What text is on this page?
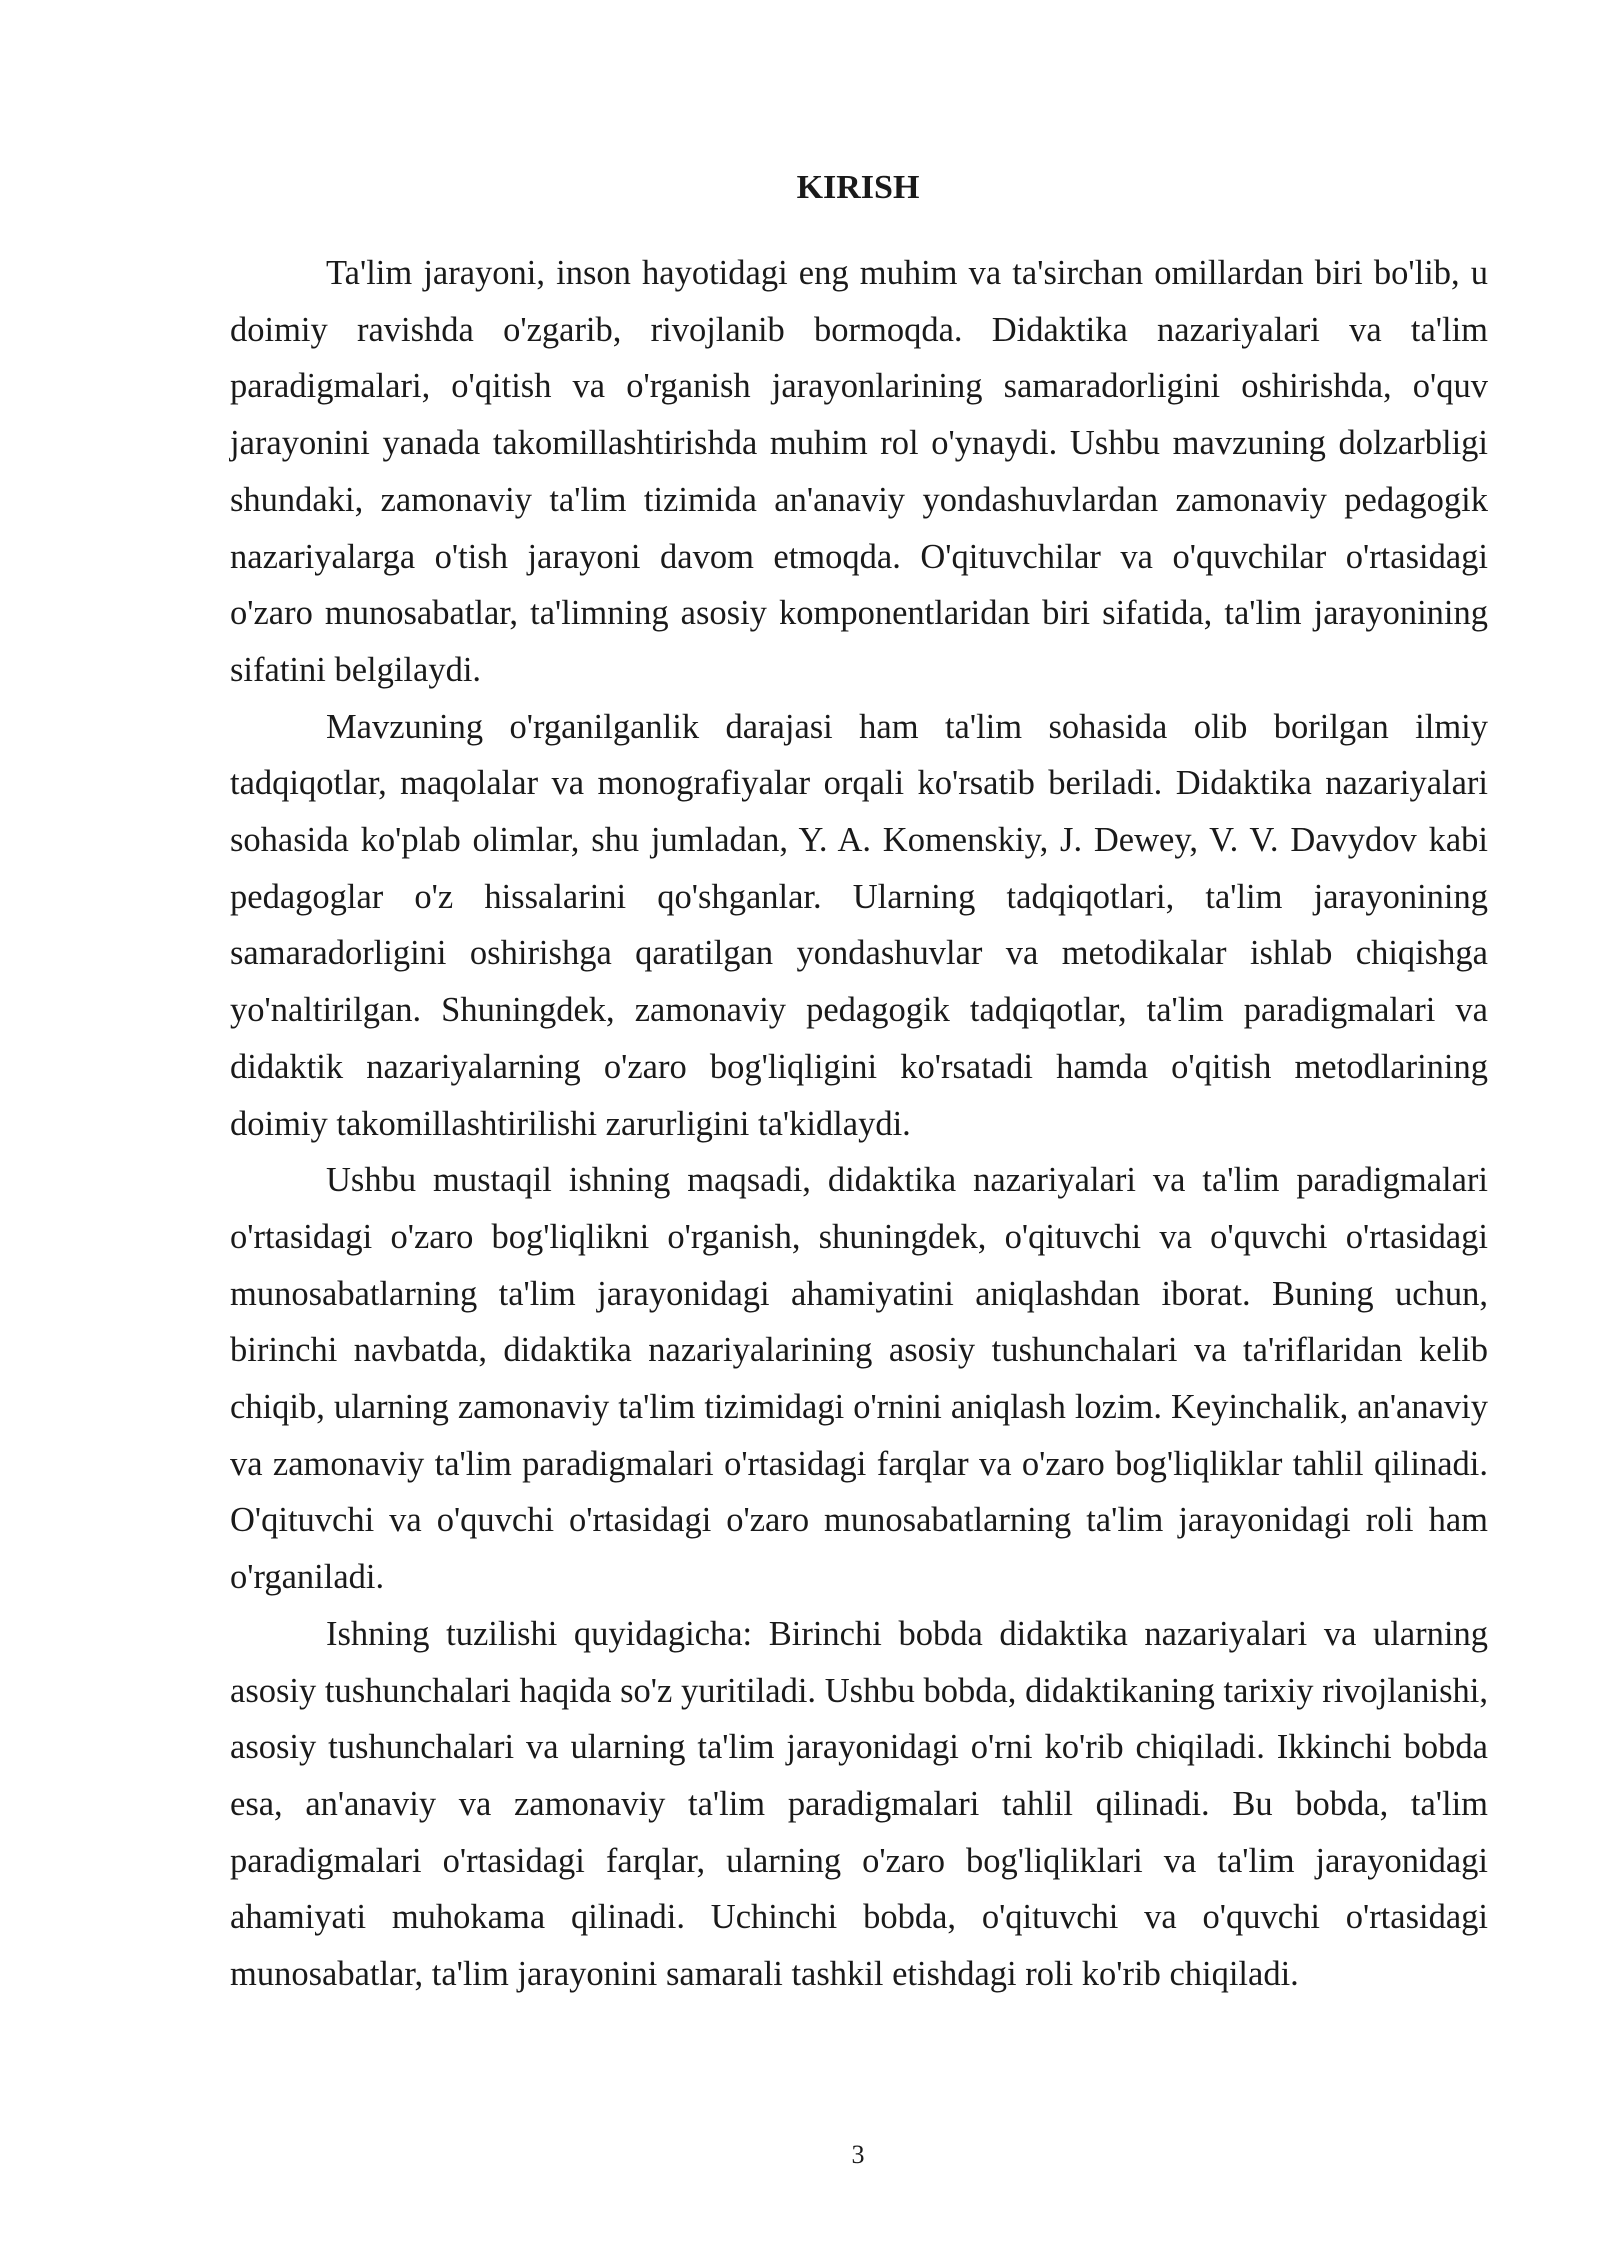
KIRISH

Ta'lim jarayoni, inson hayotidagi eng muhim va ta'sirchan omillardan biri bo'lib, u doimiy ravishda o'zgarib, rivojlanib bormoqda. Didaktika nazariyalari va ta'lim paradigmalari, o'qitish va o'rganish jarayonlarining samaradorligini oshirishda, o'quv jarayonini yanada takomillashtirishda muhim rol o'ynaydi. Ushbu mavzuning dolzarbligi shundaki, zamonaviy ta'lim tizimida an'anaviy yondashuvlardan zamonaviy pedagogik nazariyalarga o'tish jarayoni davom etmoqda. O'qituvchilar va o'quvchilar o'rtasidagi o'zaro munosabatlar, ta'limning asosiy komponentlaridan biri sifatida, ta'lim jarayonining sifatini belgilaydi.

Mavzuning o'rganilganlik darajasi ham ta'lim sohasida olib borilgan ilmiy tadqiqotlar, maqolalar va monografiyalar orqali ko'rsatib beriladi. Didaktika nazariyalari sohasida ko'plab olimlar, shu jumladan, Y. A. Komenskiy, J. Dewey, V. V. Davydov kabi pedagoglar o'z hissalarini qo'shganlar. Ularning tadqiqotlari, ta'lim jarayonining samaradorligini oshirishga qaratilgan yondashuvlar va metodikalar ishlab chiqishga yo'naltirilgan. Shuningdek, zamonaviy pedagogik tadqiqotlar, ta'lim paradigmalari va didaktik nazariyalarning o'zaro bog'liqligini ko'rsatadi hamda o'qitish metodlarining doimiy takomillashtirilishi zarurligini ta'kidlaydi.

Ushbu mustaqil ishning maqsadi, didaktika nazariyalari va ta'lim paradigmalari o'rtasidagi o'zaro bog'liqlikni o'rganish, shuningdek, o'qituvchi va o'quvchi o'rtasidagi munosabatlarning ta'lim jarayonidagi ahamiyatini aniqlashdan iborat. Buning uchun, birinchi navbatda, didaktika nazariyalarining asosiy tushunchalari va ta'riflaridan kelib chiqib, ularning zamonaviy ta'lim tizimidagi o'rnini aniqlash lozim. Keyinchalik, an'anaviy va zamonaviy ta'lim paradigmalari o'rtasidagi farqlar va o'zaro bog'liqliklar tahlil qilinadi. O'qituvchi va o'quvchi o'rtasidagi o'zaro munosabatlarning ta'lim jarayonidagi roli ham o'rganiladi.

Ishning tuzilishi quyidagicha: Birinchi bobda didaktika nazariyalari va ularning asosiy tushunchalari haqida so'z yuritiladi. Ushbu bobda, didaktikaning tarixiy rivojlanishi, asosiy tushunchalari va ularning ta'lim jarayonidagi o'rni ko'rib chiqiladi. Ikkinchi bobda esa, an'anaviy va zamonaviy ta'lim paradigmalari tahlil qilinadi. Bu bobda, ta'lim paradigmalari o'rtasidagi farqlar, ularning o'zaro bog'liqliklari va ta'lim jarayonidagi ahamiyati muhokama qilinadi. Uchinchi bobda, o'qituvchi va o'quvchi o'rtasidagi munosabatlar, ta'lim jarayonini samarali tashkil etishdagi roli ko'rib chiqiladi.

3
